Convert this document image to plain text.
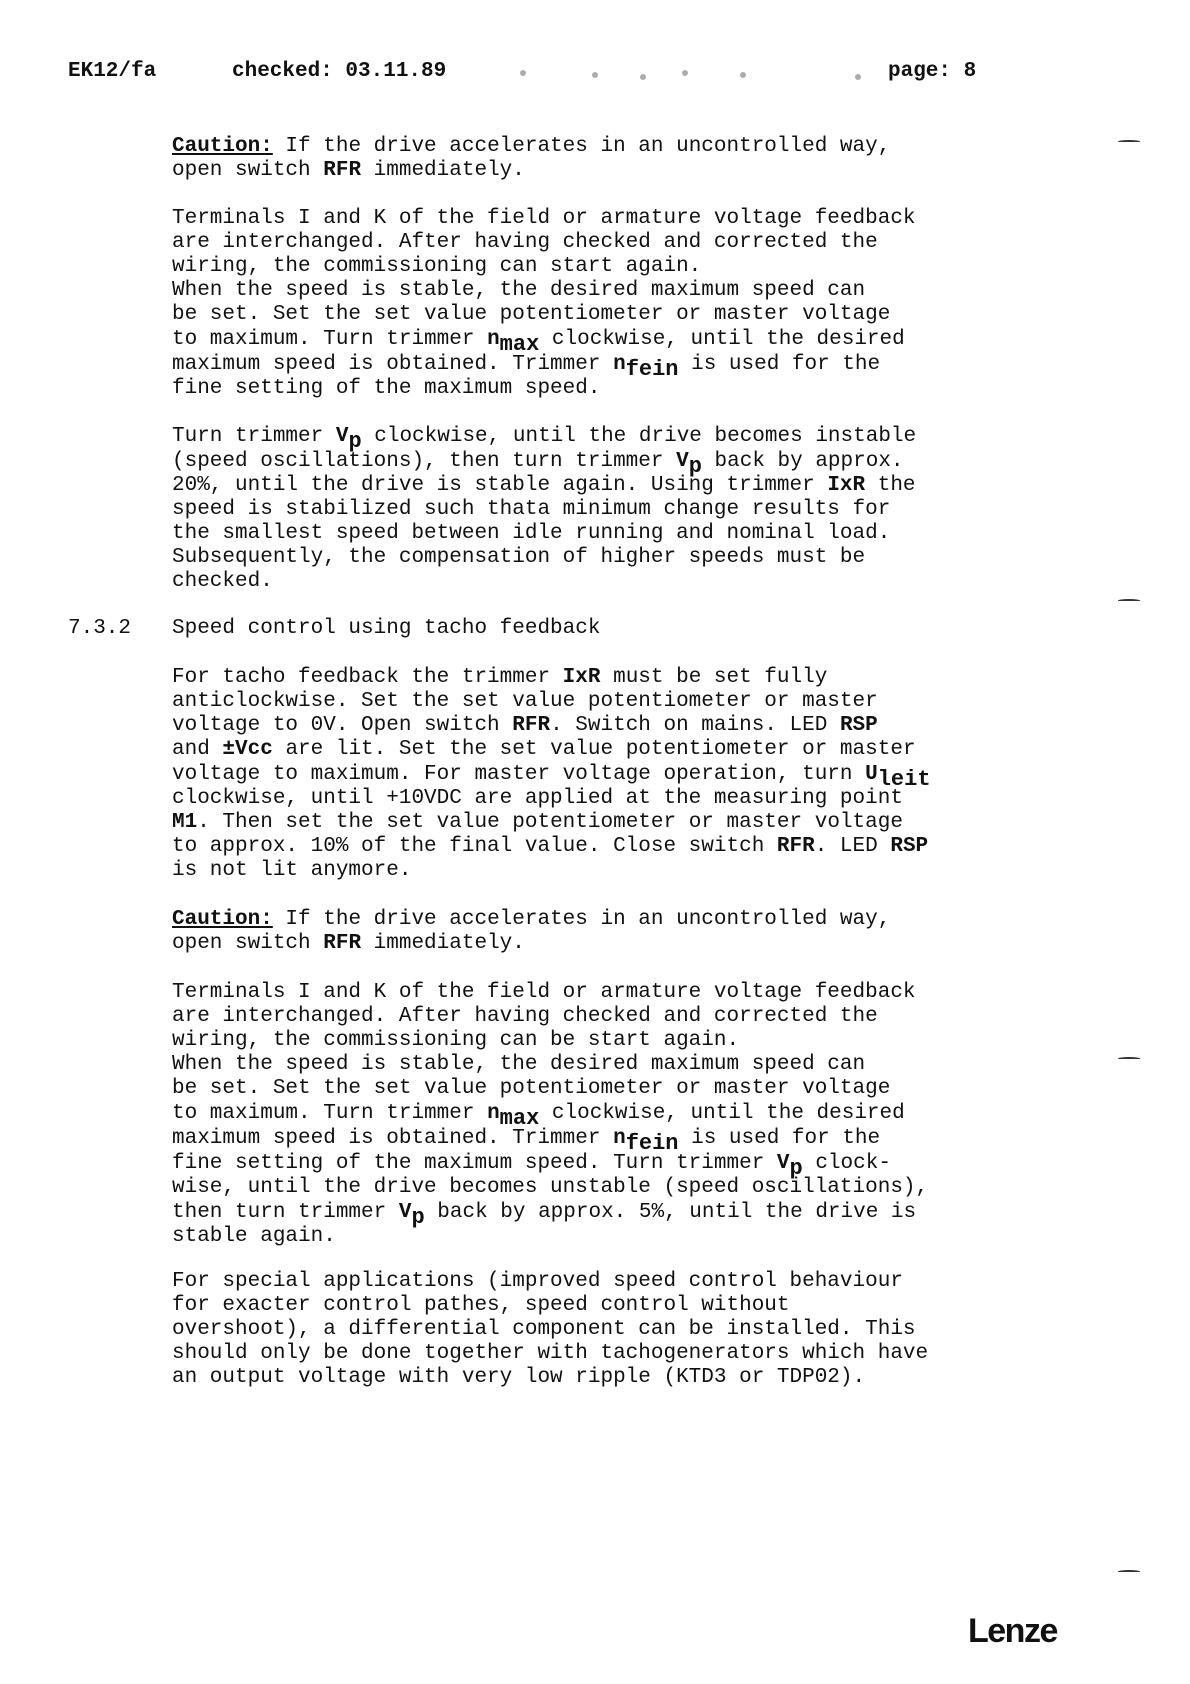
EK12/fa

	checked: 03.11.89

	page: 8

Caution: If the drive accelerates in an uncontrolled way,
open switch RFR immediately.
Terminals I and K of the field or armature voltage feedback
are interchanged. After having checked and corrected the
wiring, the commissioning can start again.
When the speed is stable, the desired maximum speed can
be set. Set the set value potentiometer or master voltage
to maximum. Turn trimmer nmax clockwise, until the desired
maximum speed is obtained. Trimmer nfein is used for the
fine setting of the maximum speed.
Turn trimmer Vp clockwise, until the drive becomes instable
(speed oscillations), then turn trimmer Vp back by approx.
20%, until the drive is stable again. Using trimmer IxR the
speed is stabilized such thata minimum change results for
the smallest speed between idle running and nominal load.
Subsequently, the compensation of higher speeds must be
checked.
7.3.2 Speed control using tacho feedback
For tacho feedback the trimmer IxR must be set fully
anticlockwise. Set the set value potentiometer or master
voltage to 0V. Open switch RFR. Switch on mains. LED RSP
and ±Vcc are lit. Set the set value potentiometer or master
voltage to maximum. For master voltage operation, turn Uleit
clockwise, until +10VDC are applied at the measuring point
M1. Then set the set value potentiometer or master voltage
to approx. 10% of the final value. Close switch RFR. LED RSP
is not lit anymore.
Caution: If the drive accelerates in an uncontrolled way,
open switch RFR immediately.
Terminals I and K of the field or armature voltage feedback
are interchanged. After having checked and corrected the
wiring, the commissioning can be start again.
When the speed is stable, the desired maximum speed can
be set. Set the set value potentiometer or master voltage
to maximum. Turn trimmer nmax clockwise, until the desired
maximum speed is obtained. Trimmer nfein is used for the
fine setting of the maximum speed. Turn trimmer Vp clock-
wise, until the drive becomes unstable (speed oscillations),
then turn trimmer Vp back by approx. 5%, until the drive is
stable again.
For special applications (improved speed control behaviour
for exacter control pathes, speed control without
overshoot), a differential component can be installed. This
should only be done together with tachogenerators which have
an output voltage with very low ripple (KTD3 or TDP02).
Lenze
